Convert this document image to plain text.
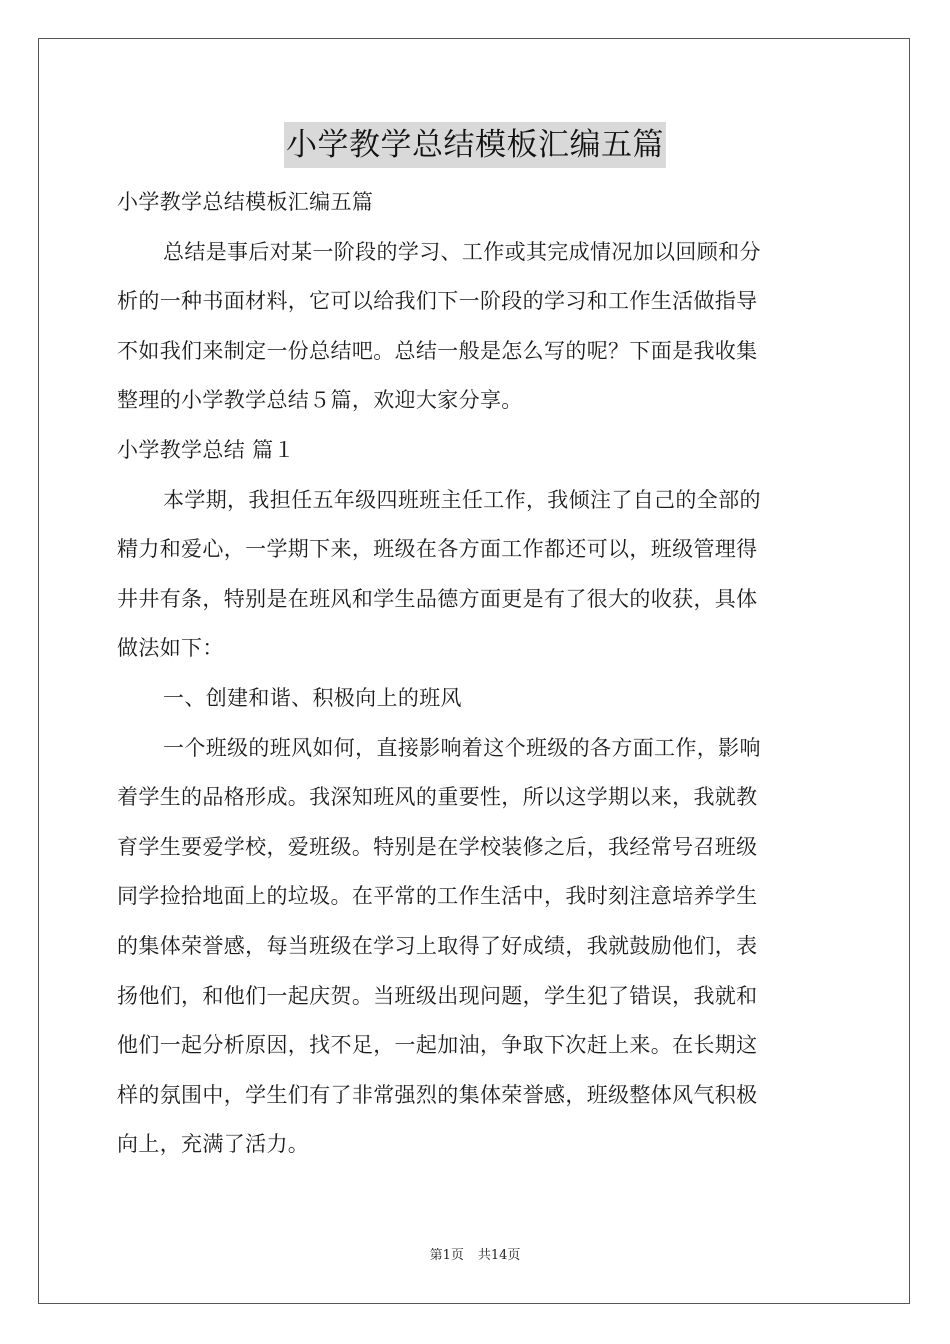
小学教学总结模板汇编五篇
小学教学总结模板汇编五篇
总结是事后对某一阶段的学习、工作或其完成情况加以回顾和分
析的一种书面材料，它可以给我们下一阶段的学习和工作生活做指导
不如我们来制定一份总结吧。总结一般是怎么写的呢？下面是我收集
整理的小学教学总结５篇，欢迎大家分享。
小学教学总结 篇１
本学期，我担任五年级四班班主任工作，我倾注了自己的全部的
精力和爱心，一学期下来，班级在各方面工作都还可以，班级管理得
井井有条，特别是在班风和学生品德方面更是有了很大的收获，具体
做法如下：
一、创建和谐、积极向上的班风
一个班级的班风如何，直接影响着这个班级的各方面工作，影响
着学生的品格形成。我深知班风的重要性，所以这学期以来，我就教
育学生要爱学校，爱班级。特别是在学校装修之后，我经常号召班级
同学捡拾地面上的垃圾。在平常的工作生活中，我时刻注意培养学生
的集体荣誉感，每当班级在学习上取得了好成绩，我就鼓励他们，表
扬他们，和他们一起庆贺。当班级出现问题，学生犯了错误，我就和
他们一起分析原因，找不足，一起加油，争取下次赶上来。在长期这
样的氛围中，学生们有了非常强烈的集体荣誉感，班级整体风气积极
向上，充满了活力。
第1页 共14页
